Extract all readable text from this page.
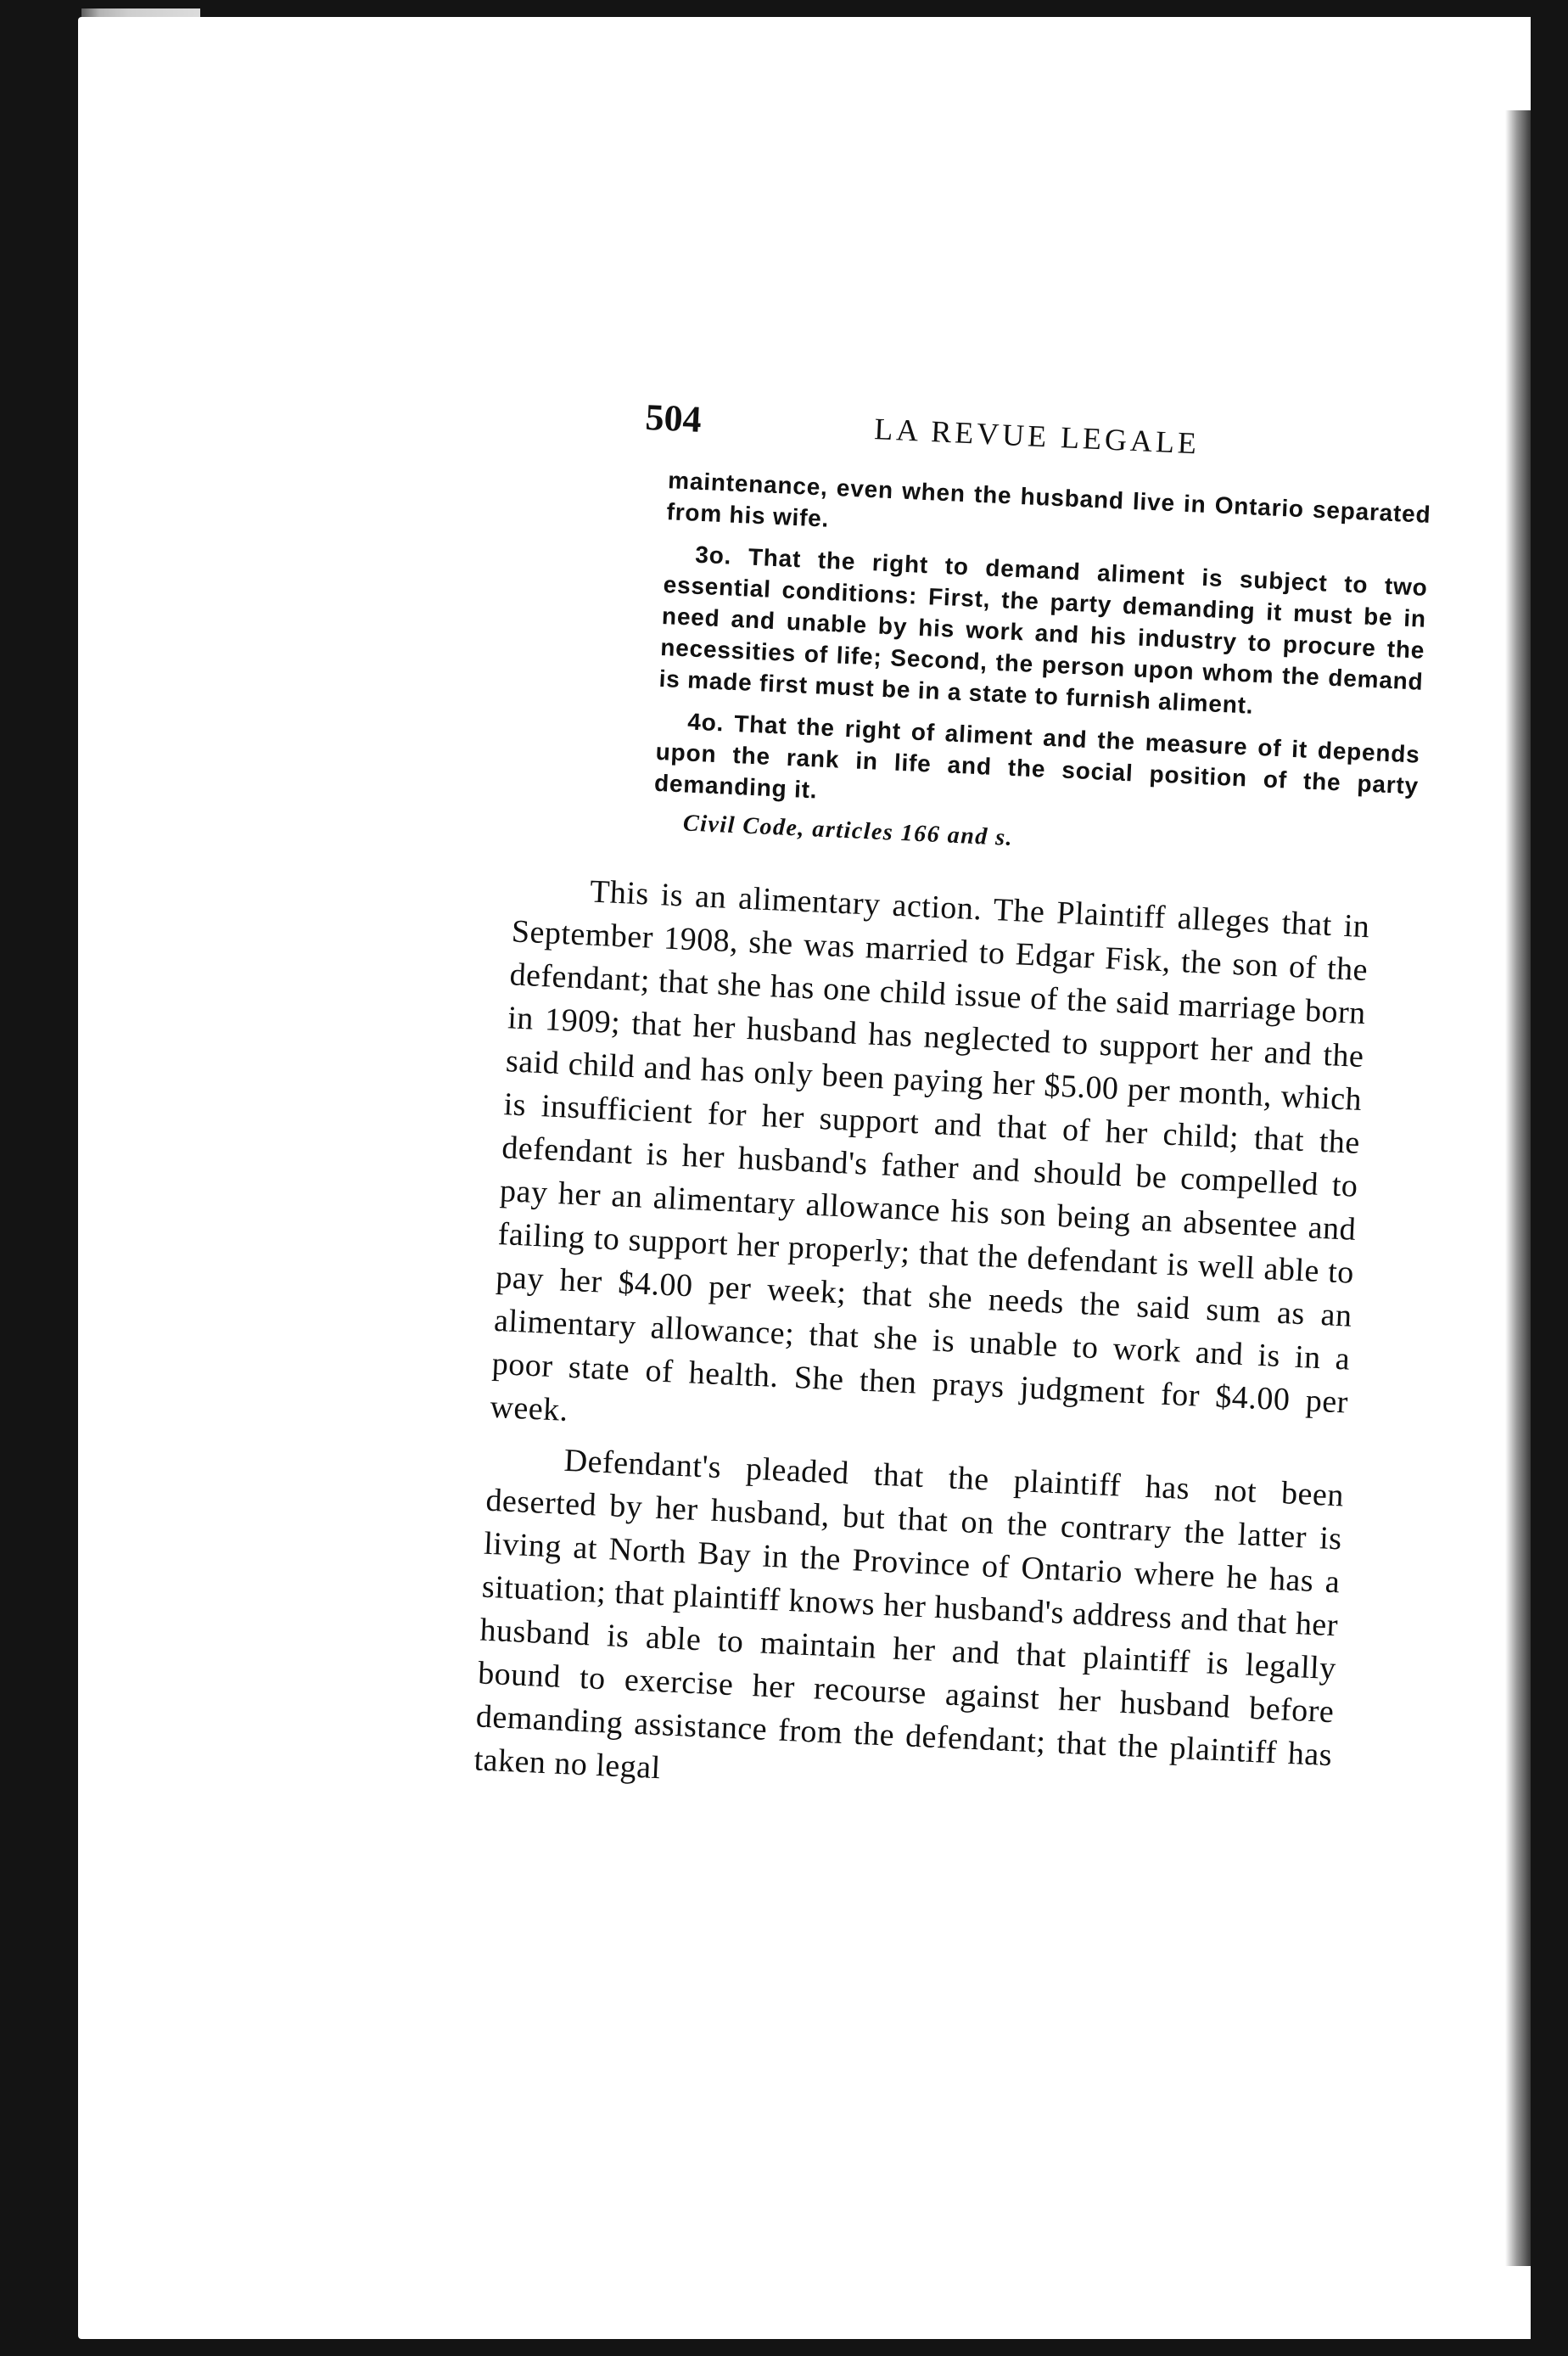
504	LA REVUE LEGALE

maintenance, even when the husband live in Ontario separated from his wife.

3o. That the right to demand aliment is subject to two essential conditions: First, the party demanding it must be in need and unable by his work and his industry to procure the necessities of life; Second, the person upon whom the demand is made first must be in a state to furnish aliment.

4o. That the right of aliment and the measure of it depends upon the rank in life and the social position of the party demanding it.

Civil Code, articles 166 and s.

This is an alimentary action. The Plaintiff alleges that in September 1908, she was married to Edgar Fisk, the son of the defendant; that she has one child issue of the said marriage born in 1909; that her husband has neglected to support her and the said child and has only been paying her $5.00 per month, which is insufficient for her support and that of her child; that the defendant is her husband's father and should be compelled to pay her an alimentary allowance his son being an absentee and failing to support her properly; that the defendant is well able to pay her $4.00 per week; that she needs the said sum as an alimentary allowance; that she is unable to work and is in a poor state of health. She then prays judgment for $4.00 per week.

Defendant's pleaded that the plaintiff has not been deserted by her husband, but that on the contrary the latter is living at North Bay in the Province of Ontario where he has a situation; that plaintiff knows her husband's address and that her husband is able to maintain her and that plaintiff is legally bound to exercise her recourse against her husband before demanding assistance from the defendant; that the plaintiff has taken no legal
